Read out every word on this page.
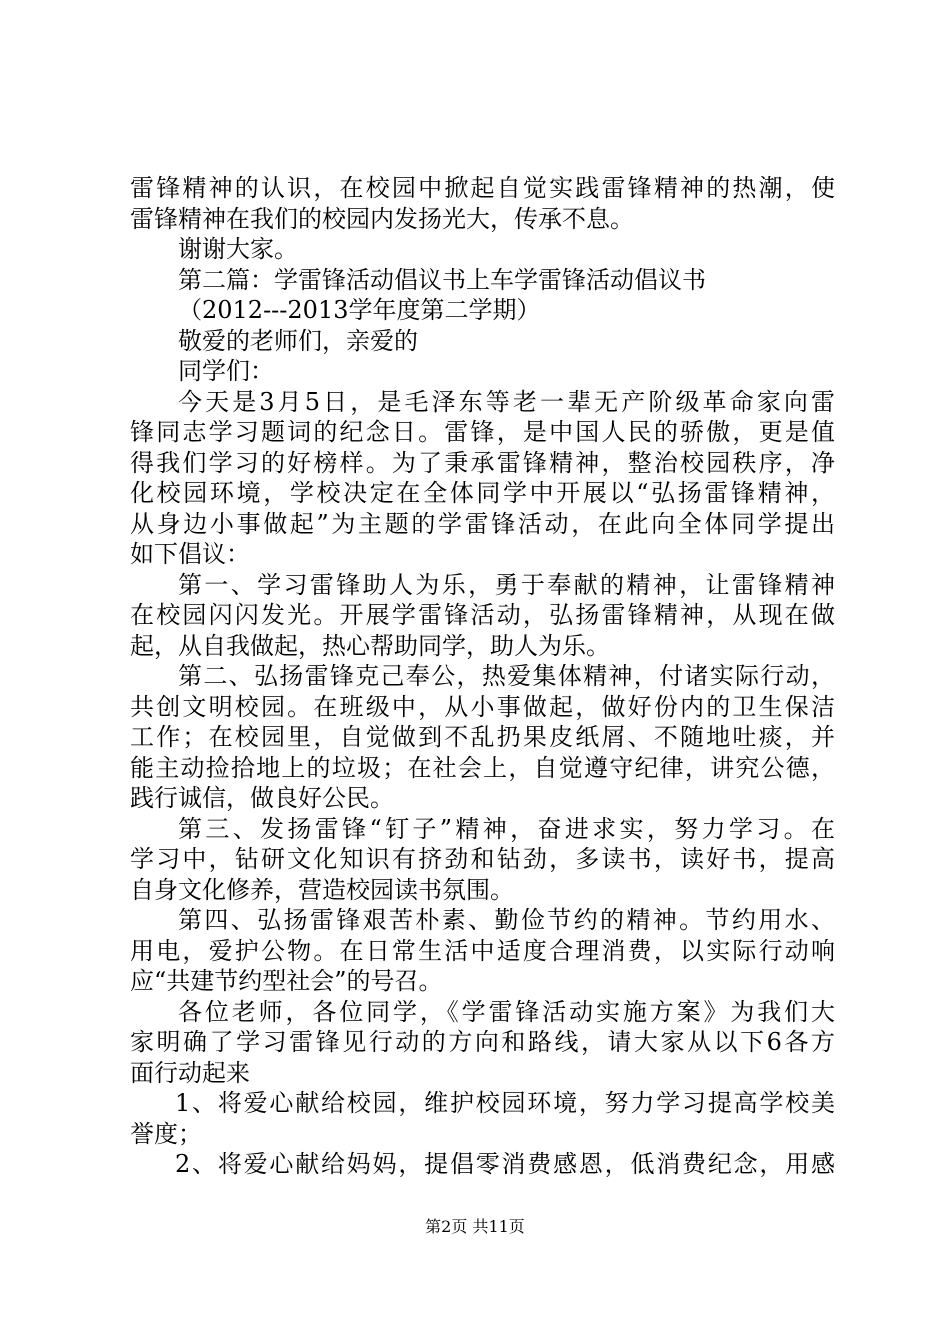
雷锋精神的认识，在校园中掀起自觉实践雷锋精神的热潮，使
雷锋精神在我们的校园内发扬光大，传承不息。
谢谢大家。
第二篇：学雷锋活动倡议书上车学雷锋活动倡议书
（2012---2013学年度第二学期）
敬爱的老师们，亲爱的
同学们：
今天是3月5日，是毛泽东等老一辈无产阶级革命家向雷
锋同志学习题词的纪念日。雷锋，是中国人民的骄傲，更是值
得我们学习的好榜样。为了秉承雷锋精神，整治校园秩序，净
化校园环境，学校决定在全体同学中开展以“弘扬雷锋精神，
从身边小事做起”为主题的学雷锋活动，在此向全体同学提出
如下倡议：
第一、学习雷锋助人为乐，勇于奉献的精神，让雷锋精神
在校园闪闪发光。开展学雷锋活动，弘扬雷锋精神，从现在做
起，从自我做起，热心帮助同学，助人为乐。
第二、弘扬雷锋克己奉公，热爱集体精神，付诸实际行动，
共创文明校园。在班级中，从小事做起，做好份内的卫生保洁
工作；在校园里，自觉做到不乱扔果皮纸屑、不随地吐痰，并
能主动捡拾地上的垃圾；在社会上，自觉遵守纪律，讲究公德，
践行诚信，做良好公民。
第三、发扬雷锋“钉子”精神，奋进求实，努力学习。在
学习中，钻研文化知识有挤劲和钻劲，多读书，读好书，提高
自身文化修养，营造校园读书氛围。
第四、弘扬雷锋艰苦朴素、勤俭节约的精神。节约用水、
用电，爱护公物。在日常生活中适度合理消费，以实际行动响
应“共建节约型社会”的号召。
各位老师，各位同学，《学雷锋活动实施方案》为我们大
家明确了学习雷锋见行动的方向和路线，请大家从以下6各方
面行动起来
1、将爱心献给校园，维护校园环境，努力学习提高学校美
誉度；
2、将爱心献给妈妈，提倡零消费感恩，低消费纪念，用感
第2页 共11页
